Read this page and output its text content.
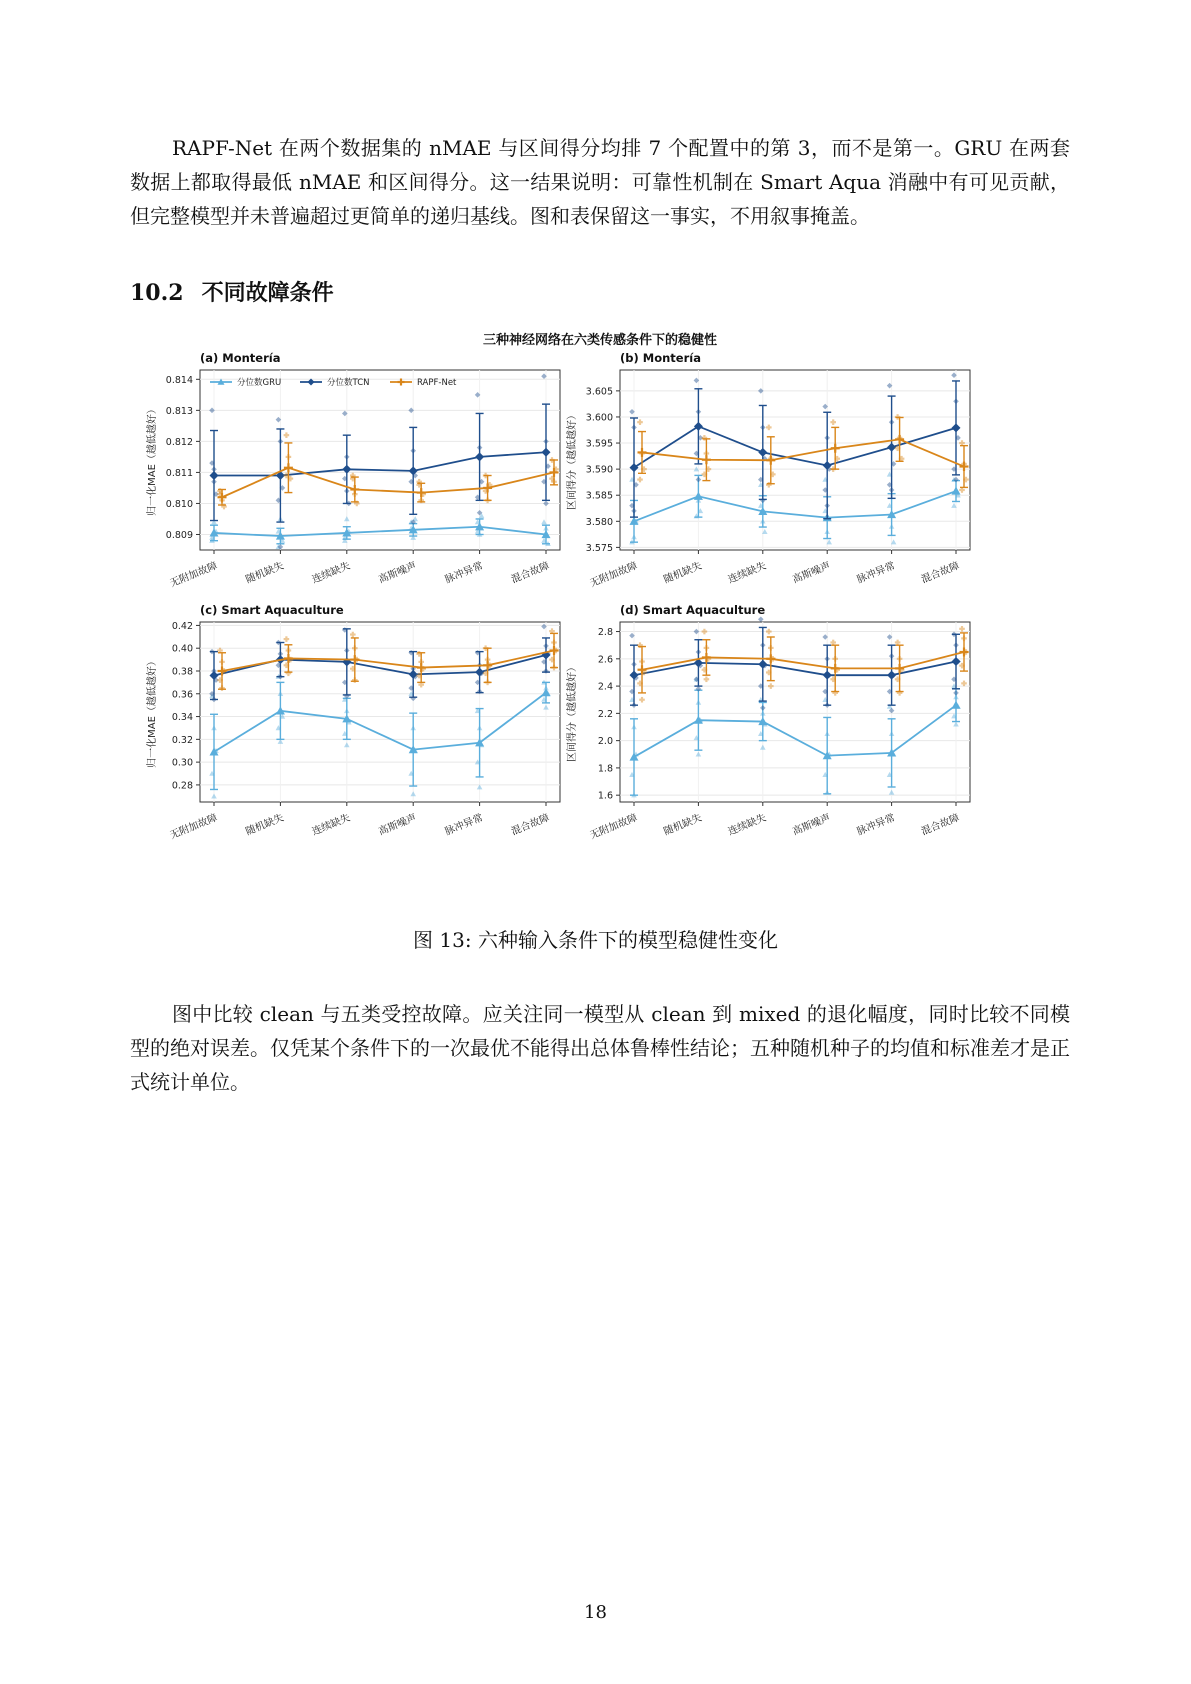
RAPF-Net 在两个数据集的 nMAE 与区间得分均排 7 个配置中的第 3，而不是第一。GRU 在两套数据上都取得最低 nMAE 和区间得分。这一结果说明：可靠性机制在 Smart Aqua 消融中有可见贡献，但完整模型并未普遍超过更简单的递归基线。图和表保留这一事实，不用叙事掩盖。

10.2 不同故障条件
三种神经网络在六类传感条件下的稳健性
(a) Montería
0.809
0.810
0.811
0.812
0.813
0.814
无附加故障	随机缺失	连续缺失	高斯噪声	脉冲异常	混合故障
归一化MAE（越低越好）
分位数GRU	分位数TCN	RAPF-Net
(b) Montería
3.575
3.580
3.585
3.590
3.595
3.600
3.605
无附加故障 随机缺失 连续缺失 高斯噪声 脉冲异常 混合故障
区间得分（越低越好）
(c) Smart Aquaculture
0.28
0.30
0.32
0.34
0.36
0.38
0.40
0.42
无附加故障	随机缺失	连续缺失	高斯噪声	脉冲异常	混合故障
归一化MAE（越低越好）
(d) Smart Aquaculture
1.6
1.8
2.0
2.2
2.4
2.6
2.8
无附加故障 随机缺失 连续缺失 高斯噪声 脉冲异常 混合故障
区间得分（越低越好）

图 13: 六种输入条件下的模型稳健性变化

图中比较 clean 与五类受控故障。应关注同一模型从 clean 到 mixed 的退化幅度，同时比较不同模型的绝对误差。仅凭某个条件下的一次最优不能得出总体鲁棒性结论；五种随机种子的均值和标准差才是正式统计单位。

18
